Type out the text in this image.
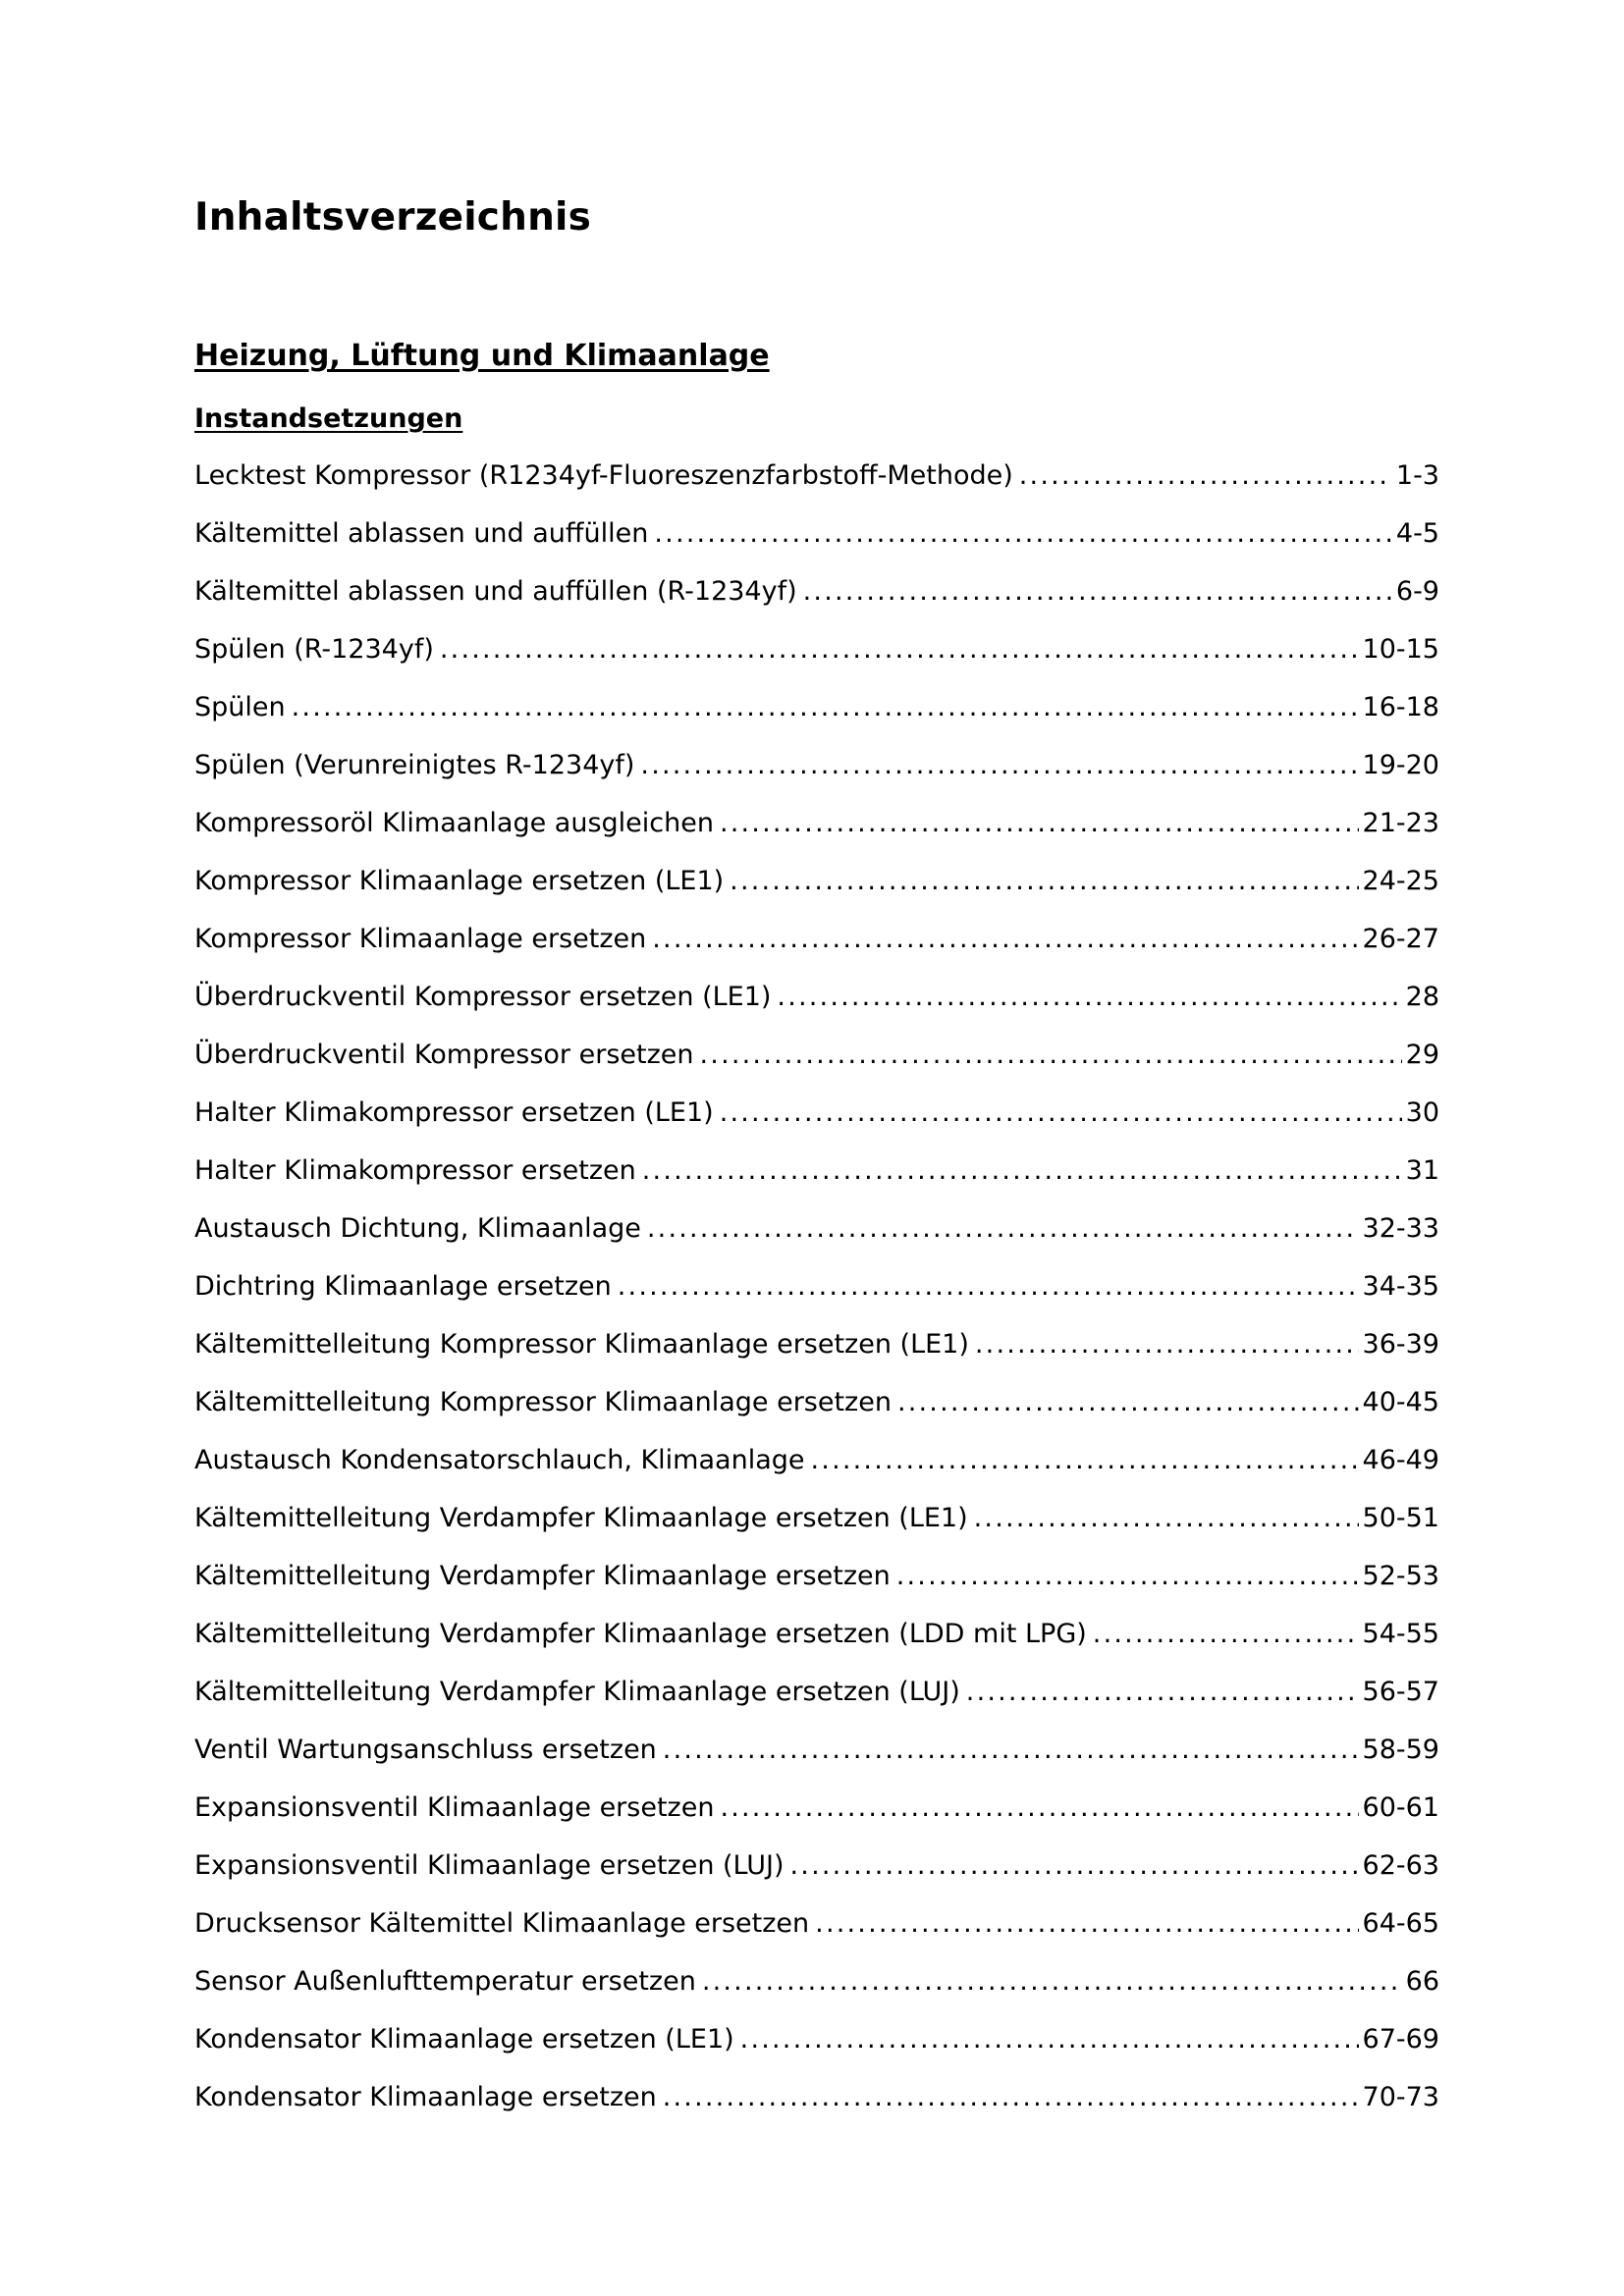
Inhaltsverzeichnis
Heizung, Lüftung und Klimaanlage
Instandsetzungen
Lecktest Kompressor (R1234yf-Fluoreszenzfarbstoff-Methode) .....	1-3
Kältemittel ablassen und auffüllen .....	4-5
Kältemittel ablassen und auffüllen (R-1234yf) .....	6-9
Spülen (R-1234yf) .....	10-15
Spülen .....	16-18
Spülen (Verunreinigtes R-1234yf) .....	19-20
Kompressoröl Klimaanlage ausgleichen .....	21-23
Kompressor Klimaanlage ersetzen (LE1) .....	24-25
Kompressor Klimaanlage ersetzen .....	26-27
Überdruckventil Kompressor ersetzen (LE1) .....	28
Überdruckventil Kompressor ersetzen .....	29
Halter Klimakompressor ersetzen (LE1) .....	30
Halter Klimakompressor ersetzen .....	31
Austausch Dichtung, Klimaanlage .....	32-33
Dichtring Klimaanlage ersetzen .....	34-35
Kältemittelleitung Kompressor Klimaanlage ersetzen (LE1) .....	36-39
Kältemittelleitung Kompressor Klimaanlage ersetzen .....	40-45
Austausch Kondensatorschlauch, Klimaanlage .....	46-49
Kältemittelleitung Verdampfer Klimaanlage ersetzen (LE1) .....	50-51
Kältemittelleitung Verdampfer Klimaanlage ersetzen .....	52-53
Kältemittelleitung Verdampfer Klimaanlage ersetzen (LDD mit LPG) .....	54-55
Kältemittelleitung Verdampfer Klimaanlage ersetzen (LUJ) .....	56-57
Ventil Wartungsanschluss ersetzen .....	58-59
Expansionsventil Klimaanlage ersetzen .....	60-61
Expansionsventil Klimaanlage ersetzen (LUJ) .....	62-63
Drucksensor Kältemittel Klimaanlage ersetzen .....	64-65
Sensor Außenlufttemperatur ersetzen .....	66
Kondensator Klimaanlage ersetzen (LE1) .....	67-69
Kondensator Klimaanlage ersetzen .....	70-73
